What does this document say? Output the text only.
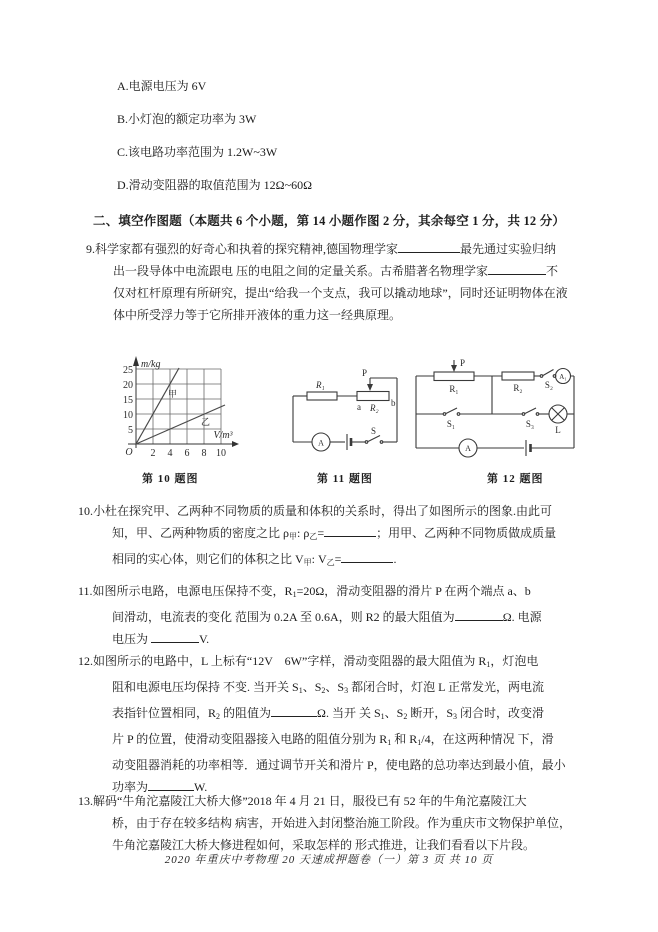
A.电源电压为 6V
B.小灯泡的额定功率为 3W
C.该电路功率范围为 1.2W~3W
D.滑动变阻器的取值范围为 12Ω~60Ω
二、填空作图题（本题共 6 个小题，第 14 小题作图 2 分，其余每空 1 分，共 12 分）
9.科学家都有强烈的好奇心和执着的探究精神,德国物理学家	最先通过实验归纳
出一段导体中电流跟电 压的电阻之间的定量关系。古希腊著名物理学家	不
仅对杠杆原理有所研究，提出“给我一个支点，我可以撬动地球”，同时还证明物体在液
体中所受浮力等于它所排开液体的重力这一经典原理。
m/kg
V/m³
25
20
15
10
5
2 4 6 8 10
O
甲
乙
R₁
P
a	b
R₂
A
S
P
R₁	R₂ S₂
A₁
S₁	S₃
L
A
第 10 题图	第 11 题图	第 12 题图
10.小杜在探究甲、乙两种不同物质的质量和体积的关系时，得出了如图所示的图象.由此可
知，甲、乙两种物质的密度之比 $\rho_甲$: $\rho_乙=$	；用甲、乙两种不同物质做成质量
相同的实心体，则它们的体积之比 $V_甲$: $V_乙=$	.
11.如图所示电路，电源电压保持不变，$R_1=20\Omega$，滑动变阻器的滑片 P 在两个端点 a、b
间滑动，电流表的变化 范围为 0.2A 至 0.6A，则 R2 的最大阻值为	Ω. 电源
电压为	V.
12.如图所示的电路中，L 上标有“12V　6W”字样，滑动变阻器的最大阻值为 $R_1$，灯泡电
阻和电源电压均保持 不变. 当开关 $S_1$、$S_2$、$S_3$ 都闭合时，灯泡 L 正常发光，两电流
表指针位置相同，$R_2$ 的阻值为	Ω. 当开 关 $S_1$、$S_2$ 断开，$S_3$ 闭合时，改变滑
片 P 的位置，使滑动变阻器接入电路的阻值分别为 $R_1$ 和 $R_1/4$，在这两种情况 下，滑
动变阻器消耗的功率相等．通过调节开关和滑片 P，使电路的总功率达到最小值，最小
功率为	W.
13.解码“牛角沱嘉陵江大桥大修”2018 年 4 月 21 日，服役已有 52 年的牛角沱嘉陵江大
桥，由于存在较多结构 病害，开始进入封闭整治施工阶段。作为重庆市文物保护单位，
牛角沱嘉陵江大桥大修进程如何，采取怎样的 形式推进，让我们看看以下片段。
2020 年重庆中考物理 20 天速成押题卷（一）第 3 页 共 10 页
